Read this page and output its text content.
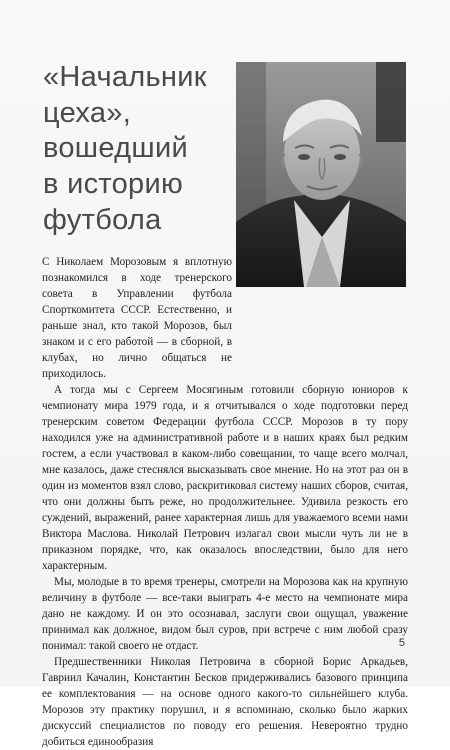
«Начальник
цеха»,
вошедший
в историю
футбола

С Николаем Морозовым я вплотную познакомился в ходе тренерского совета в Управлении футбола Спорткомитета СССР. Естественно, и раньше знал, кто такой Морозов, был знаком и с его работой — в сборной, в клубах, но лично общаться не приходилось.

А тогда мы с Сергеем Мосягиным готовили сборную юниоров к чемпионату мира 1979 года, и я отчитывался о ходе подготовки перед тренерским советом Федерации футбола СССР. Морозов в ту пору находился уже на административной работе и в наших краях был редким гостем, а если участвовал в каком-либо совещании, то чаще всего молчал, мне казалось, даже стеснялся высказывать свое мнение. Но на этот раз он в один из моментов взял слово, раскритиковал систему наших сборов, считая, что они должны быть реже, но продолжительнее. Удивила резкость его суждений, выражений, ранее характерная лишь для уважаемого всеми нами Виктора Маслова. Николай Петрович излагал свои мысли чуть ли не в приказном порядке, что, как оказалось впоследствии, было для него характерным.

Мы, молодые в то время тренеры, смотрели на Морозова как на крупную величину в футболе — все-таки выиграть 4-е место на чемпионате мира дано не каждому. И он это осознавал, заслуги свои ощущал, уважение принимал как должное, видом был суров, при встрече с ним любой сразу понимал: такой своего не отдаст.

Предшественники Николая Петровича в сборной Борис Аркадьев, Гавриил Качалин, Константин Бесков придерживались базового принципа ее комплектования — на основе одного какого-то сильнейшего клуба. Морозов эту практику порушил, и я вспоминаю, сколько было жарких дискуссий специалистов по поводу его решения. Невероятно трудно добиться единообразия

5
